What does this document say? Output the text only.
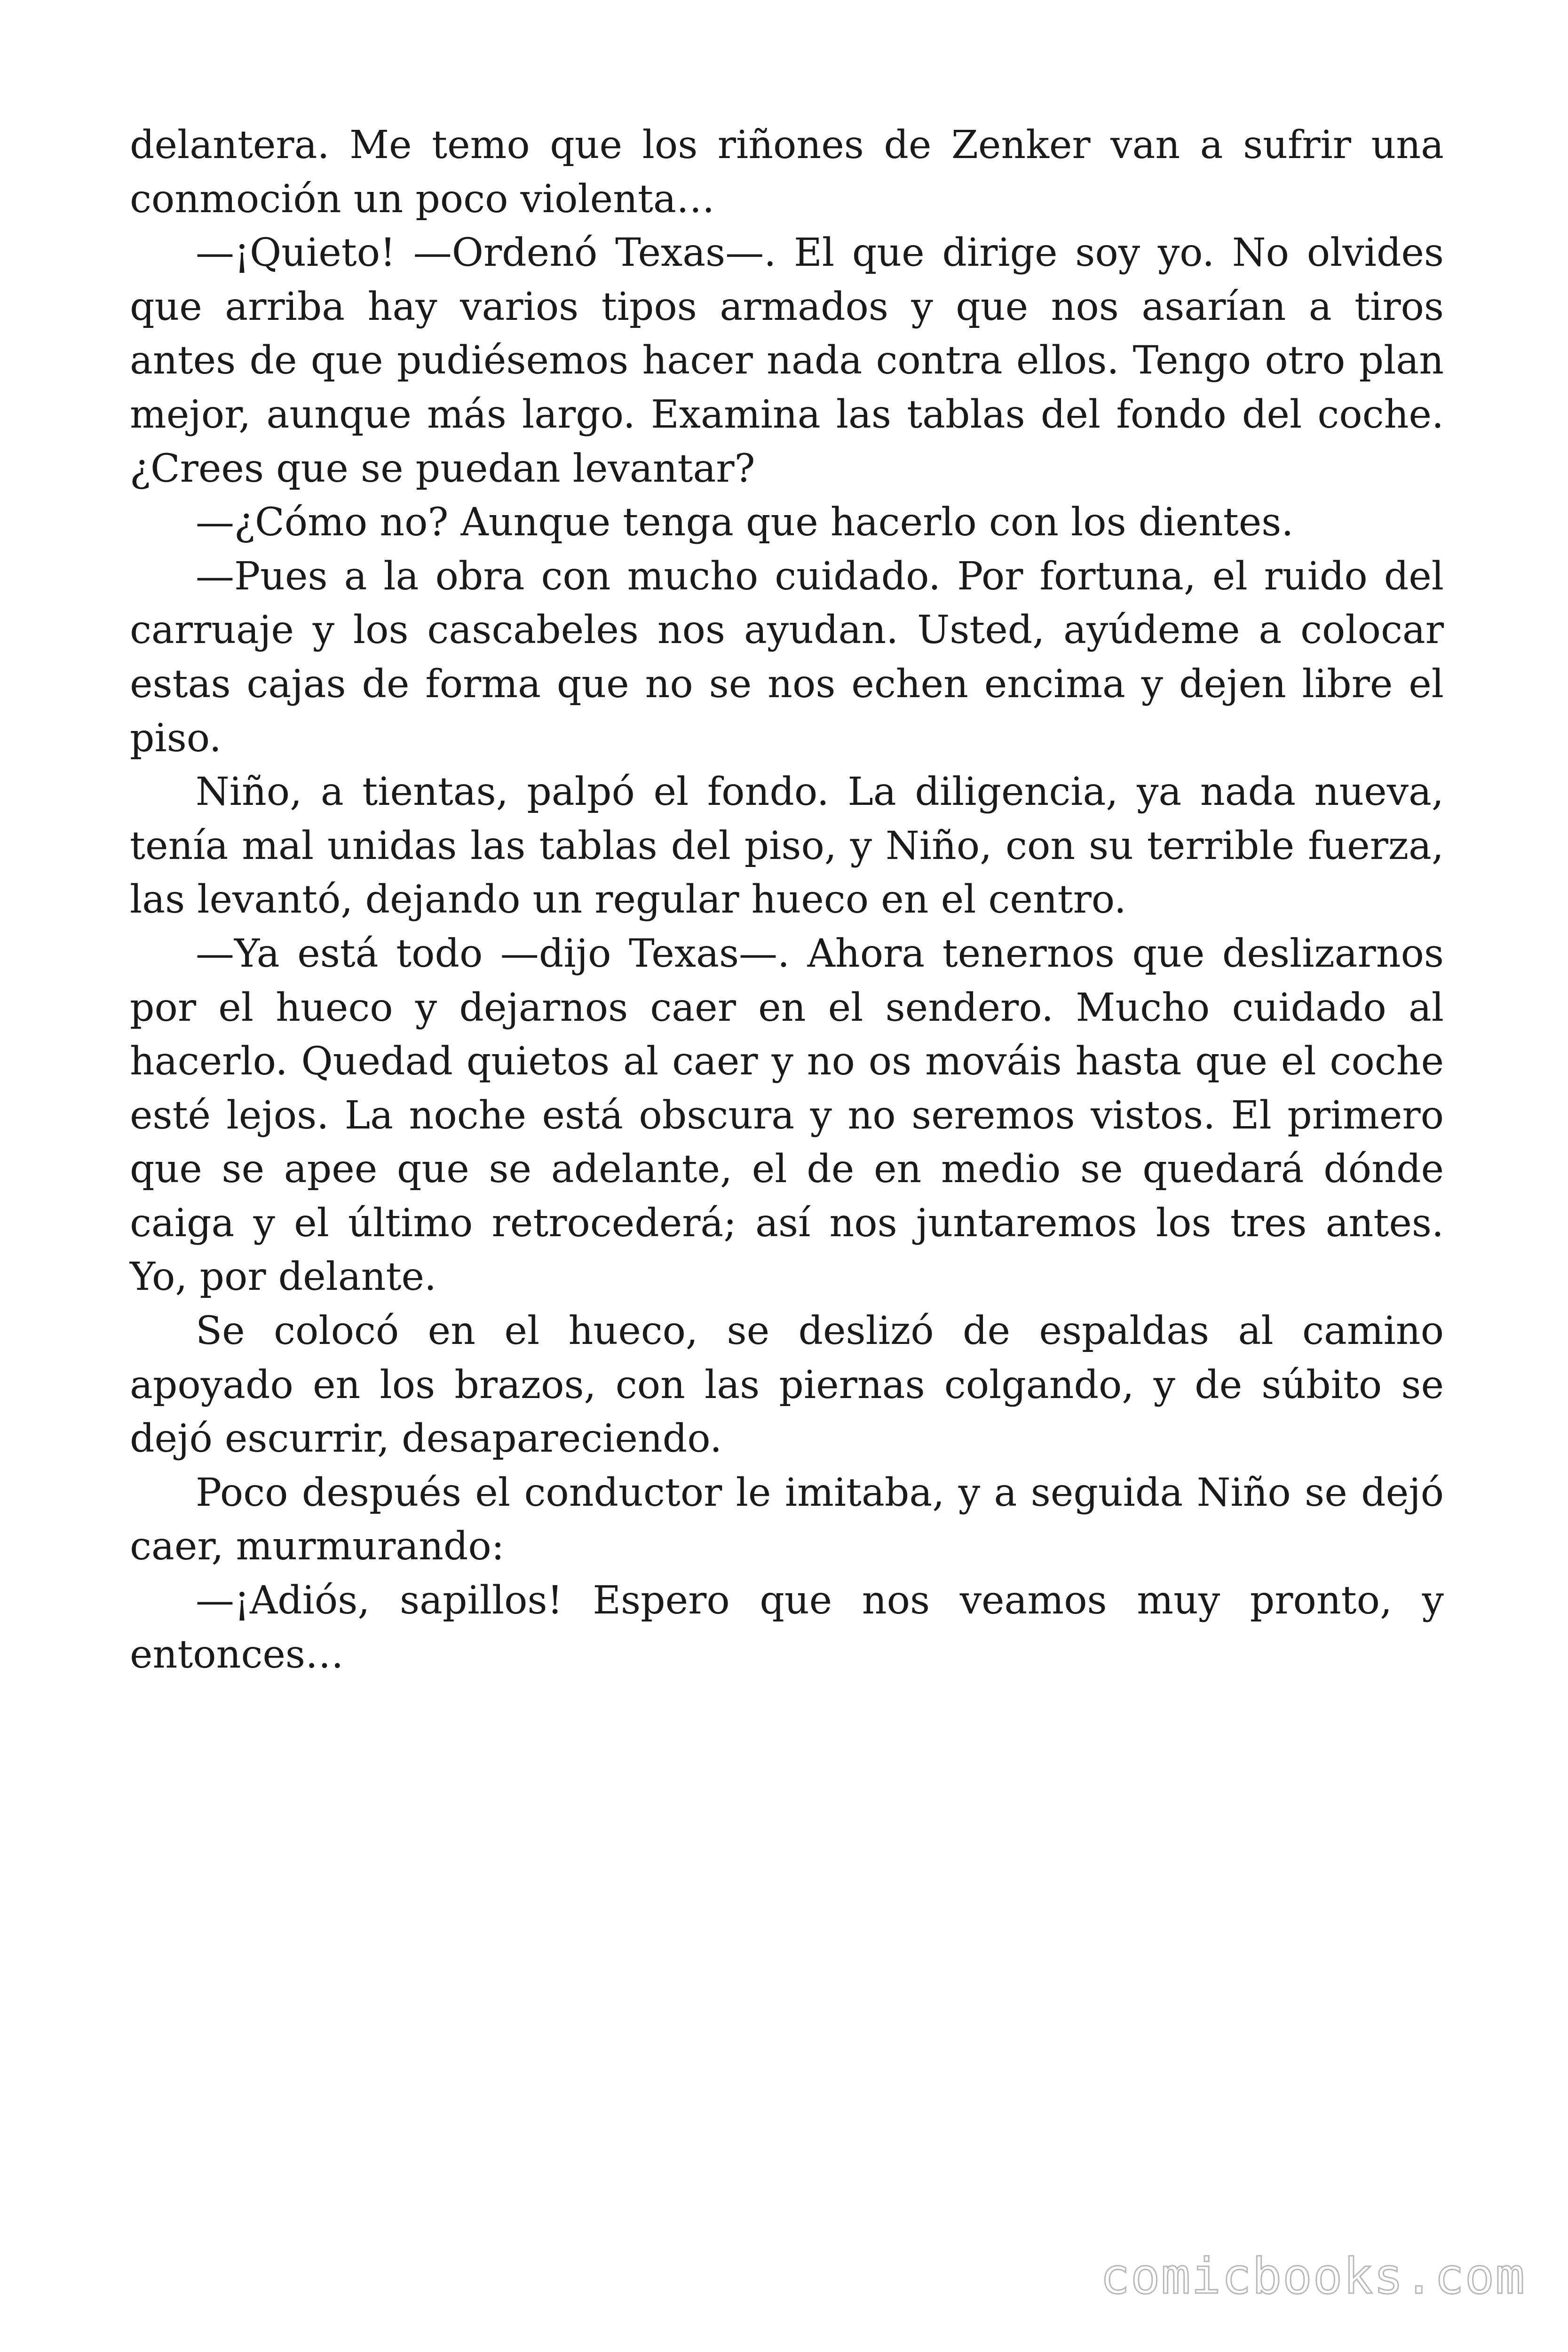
delantera. Me temo que los riñones de Zenker van a sufrir una conmoción un poco violenta…

—¡Quieto! —Ordenó Texas—. El que dirige soy yo. No olvides que arriba hay varios tipos armados y que nos asarían a tiros antes de que pudiésemos hacer nada contra ellos. Tengo otro plan mejor, aunque más largo. Examina las tablas del fondo del coche. ¿Crees que se puedan levantar?

—¿Cómo no? Aunque tenga que hacerlo con los dientes.

—Pues a la obra con mucho cuidado. Por fortuna, el ruido del carruaje y los cascabeles nos ayudan. Usted, ayúdeme a colocar estas cajas de forma que no se nos echen encima y dejen libre el piso.

Niño, a tientas, palpó el fondo. La diligencia, ya nada nueva, tenía mal unidas las tablas del piso, y Niño, con su terrible fuerza, las levantó, dejando un regular hueco en el centro.

—Ya está todo —dijo Texas—. Ahora tenernos que deslizarnos por el hueco y dejarnos caer en el sendero. Mucho cuidado al hacerlo. Quedad quietos al caer y no os mováis hasta que el coche esté lejos. La noche está obscura y no seremos vistos. El primero que se apee que se adelante, el de en medio se quedará dónde caiga y el último retrocederá; así nos juntaremos los tres antes. Yo, por delante.

Se colocó en el hueco, se deslizó de espaldas al camino apoyado en los brazos, con las piernas colgando, y de súbito se dejó escurrir, desapareciendo.

Poco después el conductor le imitaba, y a seguida Niño se dejó caer, murmurando:

—¡Adiós, sapillos! Espero que nos veamos muy pronto, y entonces…

comicbooks.com
